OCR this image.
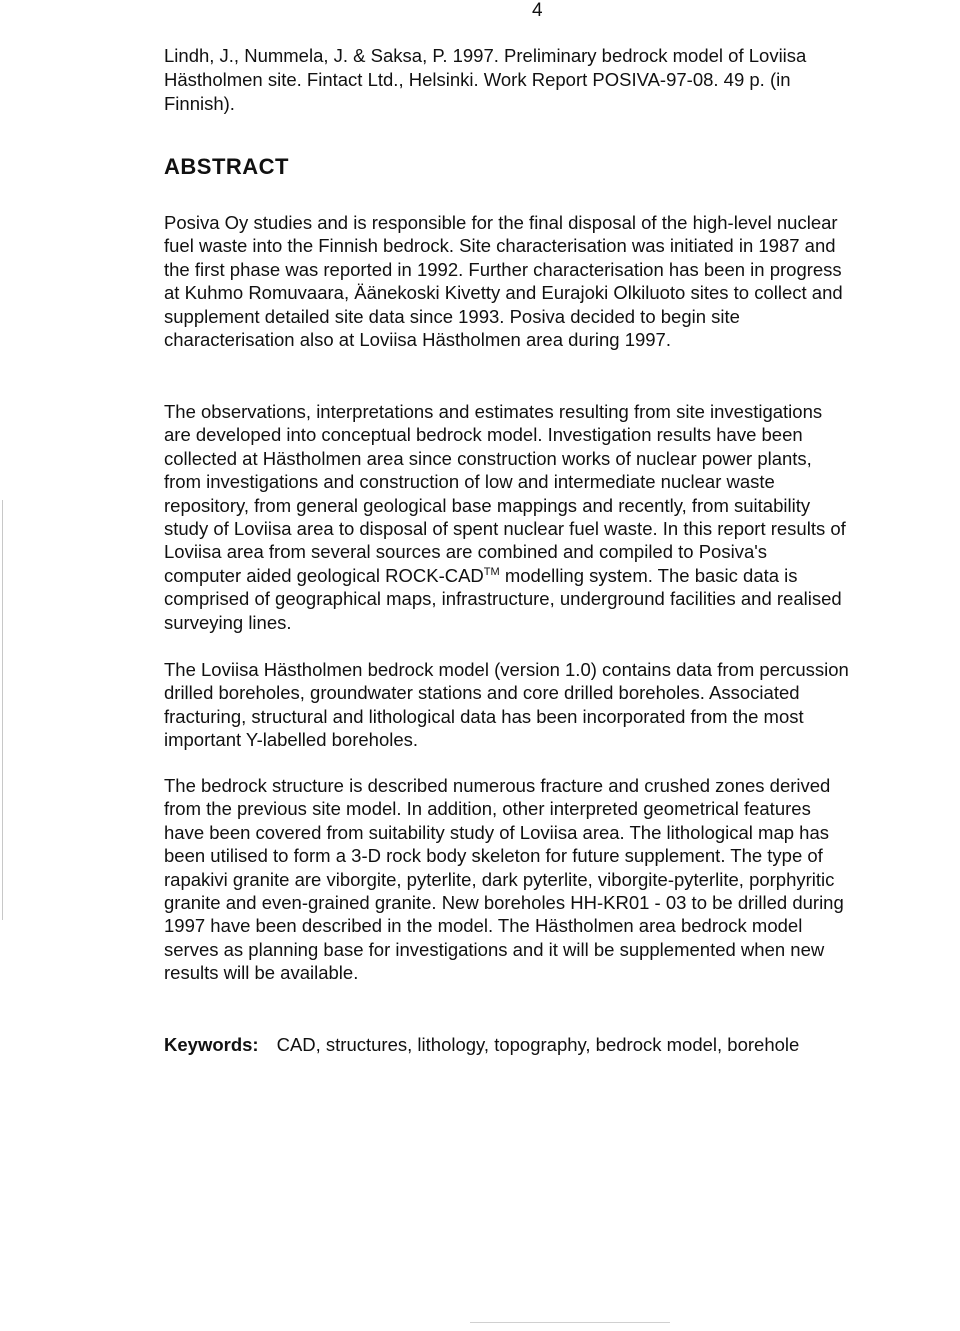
4
Lindh, J., Nummela, J. & Saksa, P. 1997. Preliminary bedrock model of Loviisa Hästholmen site. Fintact Ltd., Helsinki. Work Report POSIVA-97-08. 49 p. (in Finnish).
ABSTRACT

Posiva Oy studies and is responsible for the final disposal of the high-level nuclear fuel waste into the Finnish bedrock. Site characterisation was initiated in 1987 and the first phase was reported in 1992. Further characterisation has been in progress at Kuhmo Romuvaara, Äänekoski Kivetty and Eurajoki Olkiluoto sites to collect and supplement detailed site data since 1993. Posiva decided to begin site characterisation also at Loviisa Hästholmen area during 1997.

The observations, interpretations and estimates resulting from site investigations are developed into conceptual bedrock model. Investigation results have been collected at Hästholmen area since construction works of nuclear power plants, from investigations and construction of low and intermediate nuclear waste repository, from general geological base mappings and recently, from suitability study of Loviisa area to disposal of spent nuclear fuel waste. In this report results of Loviisa area from several sources are combined and compiled to Posiva's computer aided geological ROCK-CAD™ modelling system. The basic data is comprised of geographical maps, infrastructure, underground facilities and realised surveying lines.

The Loviisa Hästholmen bedrock model (version 1.0) contains data from percussion drilled boreholes, groundwater stations and core drilled boreholes. Associated fracturing, structural and lithological data has been incorporated from the most important Y-labelled boreholes.

The bedrock structure is described numerous fracture and crushed zones derived from the previous site model. In addition, other interpreted geometrical features have been covered from suitability study of Loviisa area. The lithological map has been utilised to form a 3-D rock body skeleton for future supplement. The type of rapakivi granite are viborgite, pyterlite, dark pyterlite, viborgite-pyterlite, porphyritic granite and even-grained granite. New boreholes HH-KR01 - 03 to be drilled during 1997 have been described in the model. The Hästholmen area bedrock model serves as planning base for investigations and it will be supplemented when new results will be available.

Keywords: CAD, structures, lithology, topography, bedrock model, borehole
